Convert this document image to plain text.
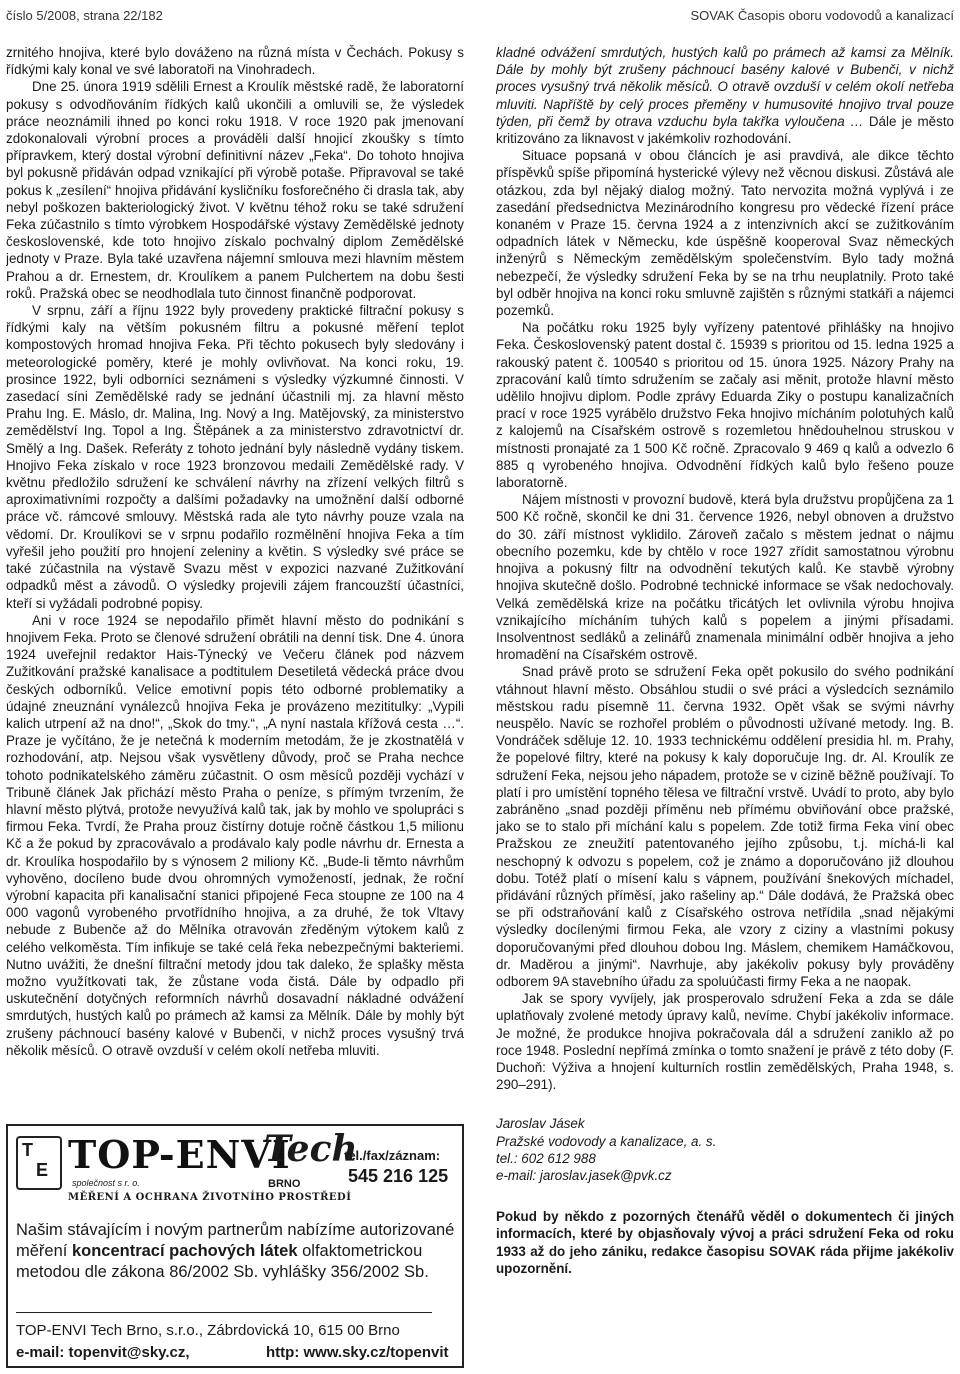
číslo 5/2008, strana 22/182	SOVAK Časopis oboru vodovodů a kanalizací

zrnitého hnojiva, které bylo dováženo na různá místa v Čechách. Pokusy s řídkými kaly konal ve své laboratoři na Vinohradech.

Dne 25. února 1919 sdělili Ernest a Kroulík městské radě, že laboratorní pokusy s odvodňováním řídkých kalů ukončili a omluvili se, že výsledek práce neoznámili ihned po konci roku 1918. V roce 1920 pak jmenovaní zdokonalovali výrobní proces a prováděli další hnojicí zkoušky s tímto přípravkem, který dostal výrobní definitivní název „Feka“. Do tohoto hnojiva byl pokusně přidáván odpad vznikající při výrobě potaše. Připravoval se také pokus k „zesílení“ hnojiva přidávání kysličníku fosforečného či drasla tak, aby nebyl poškozen bakteriologický život. V květnu téhož roku se také sdružení Feka zúčastnilo s tímto výrobkem Hospodářské výstavy Zemědělské jednoty československé, kde toto hnojivo získalo pochvalný diplom Zemědělské jednoty v Praze. Byla také uzavřena nájemní smlouva mezi hlavním městem Prahou a dr. Ernestem, dr. Kroulíkem a panem Pulchertem na dobu šesti roků. Pražská obec se neodhodlala tuto činnost finančně podporovat.

V srpnu, září a říjnu 1922 byly provedeny praktické filtrační pokusy s řídkými kaly na větším pokusném filtru a pokusné měření teplot kompostových hromad hnojiva Feka. Při těchto pokusech byly sledovány i meteorologické poměry, které je mohly ovlivňovat. Na konci roku, 19. prosince 1922, byli odborníci seznámeni s výsledky výzkumné činnosti. V zasedací síni Zemědělské rady se jednání účastnili mj. za hlavní město Prahu Ing. E. Máslo, dr. Malina, Ing. Nový a Ing. Matějovský, za ministerstvo zemědělství Ing. Topol a Ing. Štěpánek a za ministerstvo zdravotnictví dr. Smělý a Ing. Dašek. Referáty z tohoto jednání byly následně vydány tiskem. Hnojivo Feka získalo v roce 1923 bronzovou medaili Zemědělské rady. V květnu předložilo sdružení ke schválení návrhy na zřízení velkých filtrů s aproximativními rozpočty a dalšími požadavky na umožnění další odborné práce vč. rámcové smlouvy. Městská rada ale tyto návrhy pouze vzala na vědomí. Dr. Kroulíkovi se v srpnu podařilo rozmělnění hnojiva Feka a tím vyřešil jeho použití pro hnojení zeleniny a květin. S výsledky své práce se také zúčastnila na výstavě Svazu měst v expozici nazvané Zužitkování odpadků měst a závodů. O výsledky projevili zájem francouzští účastníci, kteří si vyžádali podrobné popisy.

Ani v roce 1924 se nepodařilo přimět hlavní město do podnikání s hnojivem Feka. Proto se členové sdružení obrátili na denní tisk. Dne 4. února 1924 uveřejnil redaktor Hais-Týnecký ve Večeru článek pod názvem Zužitkování pražské kanalisace a podtitulem Desetiletá vědecká práce dvou českých odborníků. Velice emotivní popis této odborné problematiky a údajné zneuznání vynálezců hnojiva Feka je provázeno mezititulky: „Vypili kalich utrpení až na dno!“, „Skok do tmy.“, „A nyní nastala křížová cesta …“. Praze je vyčítáno, že je netečná k moderním metodám, že je zkostnatělá v rozhodování, atp. Nejsou však vysvětleny důvody, proč se Praha nechce tohoto podnikatelského záměru zúčastnit. O osm měsíců později vychází v Tribuně článek Jak přichází město Praha o peníze, s přímým tvrzením, že hlavní město plýtvá, protože nevyužívá kalů tak, jak by mohlo ve spolupráci s firmou Feka. Tvrdí, že Praha prouz čistírny dotuje ročně částkou 1,5 milionu Kč a že pokud by zpracovávalo a prodávalo kaly podle návrhu dr. Ernesta a dr. Kroulíka hospodařilo by s výnosem 2 miliony Kč. „Bude-li těmto návrhům vyhověno, docíleno bude dvou ohromných vymožeností, jednak, že roční výrobní kapacita při kanalisační stanici připojené Feca stoupne ze 100 na 4 000 vagonů vyrobeného prvotřídního hnojiva, a za druhé, že tok Vltavy nebude z Bubenče až do Mělníka otravován zředěným výtokem kalů z celého velkoměsta. Tím infikuje se také celá řeka nebezpečnými bakteriemi. Nutno uvážiti, že dnešní filtrační metody jdou tak daleko, že splašky města možno využítkovati tak, že zůstane voda čistá. Dále by odpadlo při uskutečnění dotyčných reformních návrhů dosavadní nákladné odvážení smrdutých, hustých kalů po prámech až kamsi za Mělník. Dále by mohly být zrušeny páchnoucí basény kalové v Bubenči, v nichž proces vysušný trvá několik měsíců. O otravě ovzduší v celém okolí netřeba mluviti.

T
E TOP-ENVI
Tech
společnost s r. o.	BRNO
MĚŘENÍ A OCHRANA ŽIVOTNÍHO PROSTŘEDÍ
tel./fax/záznam:
545 216 125
Našim stávajícím i novým partnerům nabízíme autorizované měření koncentrací pachových látek olfaktometrickou metodou dle zákona 86/2002 Sb. vyhlášky 356/2002 Sb.
TOP-ENVI Tech Brno, s.r.o., Zábrdovická 10, 615 00 Brno
e-mail: topenvit@sky.cz,	http: www.sky.cz/topenvit

kladné odvážení smrdutých, hustých kalů po prámech až kamsi za Mělník. Dále by mohly být zrušeny páchnoucí basény kalové v Bubenči, v nichž proces vysušný trvá několik měsíců. O otravě ovzduší v celém okolí netřeba mluviti. Napříště by celý proces přeměny v humusovité hnojivo trval pouze týden, při čemž by otrava vzduchu byla takřka vyloučena … Dále je město kritizováno za liknavost v jakémkoliv rozhodování.

Situace popsaná v obou článcích je asi pravdivá, ale dikce těchto příspěvků spíše připomíná hysterické výlevy než věcnou diskusi. Zůstává ale otázkou, zda byl nějaký dialog možný. Tato nervozita možná vyplývá i ze zasedání předsednictva Mezinárodního kongresu pro vědecké řízení práce konaném v Praze 15. června 1924 a z intenzivních akcí se zužitkováním odpadních látek v Německu, kde úspěšně kooperoval Svaz německých inženýrů s Německým zemědělským společenstvím. Bylo tady možná nebezpečí, že výsledky sdružení Feka by se na trhu neuplatnily. Proto také byl odběr hnojiva na konci roku smluvně zajištěn s různými statkáři a nájemci pozemků.

Na počátku roku 1925 byly vyřízeny patentové přihlášky na hnojivo Feka. Československý patent dostal č. 15939 s prioritou od 15. ledna 1925 a rakouský patent č. 100540 s prioritou od 15. února 1925. Názory Prahy na zpracování kalů tímto sdružením se začaly asi měnit, protože hlavní město udělilo hnojivu diplom. Podle zprávy Eduarda Ziky o postupu kanalizačních prací v roce 1925 vyrábělo družstvo Feka hnojivo mícháním polotuhých kalů z kalojemů na Císařském ostrově s rozemletou hnědouhelnou struskou v místnosti pronajaté za 1 500 Kč ročně. Zpracovalo 9 469 q kalů a odvezlo 6 885 q vyrobeného hnojiva. Odvodnění řídkých kalů bylo řešeno pouze laboratorně.

Nájem místnosti v provozní budově, která byla družstvu propůjčena za 1 500 Kč ročně, skončil ke dni 31. července 1926, nebyl obnoven a družstvo do 30. září místnost vyklidilo. Zároveň začalo s městem jednat o nájmu obecního pozemku, kde by chtělo v roce 1927 zřídit samostatnou výrobnu hnojiva a pokusný filtr na odvodnění tekutých kalů. Ke stavbě výrobny hnojiva skutečně došlo. Podrobné technické informace se však nedochovaly. Velká zemědělská krize na počátku třicátých let ovlivnila výrobu hnojiva vznikajícího mícháním tuhých kalů s popelem a jinými přísadami. Insolventnost sedláků a zelinářů znamenala minimální odběr hnojiva a jeho hromadění na Císařském ostrově.

Snad právě proto se sdružení Feka opět pokusilo do svého podnikání vtáhnout hlavní město. Obsáhlou studii o své práci a výsledcích seznámilo městskou radu písemně 11. června 1932. Opět však se svými návrhy neuspělo. Navíc se rozhořel problém o původnosti užívané metody. Ing. B. Vondráček sděluje 12. 10. 1933 technickému oddělení presidia hl. m. Prahy, že popelové filtry, které na pokusy k kaly doporučuje Ing. dr. Al. Kroulík ze sdružení Feka, nejsou jeho nápadem, protože se v cizině běžně používají. To platí i pro umístění topného tělesa ve filtrační vrstvě. Uvádí to proto, aby bylo zabráněno „snad později příměnu neb přímému obviňování obce pražské, jako se to stalo při míchání kalu s popelem. Zde totiž firma Feka viní obec Pražskou ze zneužití patentovaného jejího způsobu, t.j. míchá-li kal neschopný k odvozu s popelem, což je známo a doporučováno již dlouhou dobu. Totéž platí o mísení kalu s vápnem, používání šnekových míchadel, přidávání různých příměsí, jako rašeliny ap.“ Dále dodává, že Pražská obec se při odstraňování kalů z Císařského ostrova netřídila „snad nějakými výsledky docílenými firmou Feka, ale vzory z ciziny a vlastními pokusy doporučovanými před dlouhou dobou Ing. Máslem, chemikem Hamáčkovou, dr. Maděrou a jinými“. Navrhuje, aby jakékoliv pokusy byly prováděny odborem 9A stavebního úřadu za spoluúčasti firmy Feka a ne naopak.

Jak se spory vyvíjely, jak prosperovalo sdružení Feka a zda se dále uplatňovaly zvolené metody úpravy kalů, nevíme. Chybí jakékoliv informace. Je možné, že produkce hnojiva pokračovala dál a sdružení zaniklo až po roce 1948. Poslední nepřímá zmínka o tomto snažení je právě z této doby (F. Duchoň: Výživa a hnojení kulturních rostlin zemědělských, Praha 1948, s. 290–291).

Jaroslav Jásek
Pražské vodovody a kanalizace, a. s.
tel.: 602 612 988
e-mail: jaroslav.jasek@pvk.cz

Pokud by někdo z pozorných čtenářů věděl o dokumentech či jiných informacích, které by objasňovaly vývoj a práci sdružení Feka od roku 1933 až do jeho zániku, redakce časopisu SOVAK ráda přijme jakékoliv upozornění.
